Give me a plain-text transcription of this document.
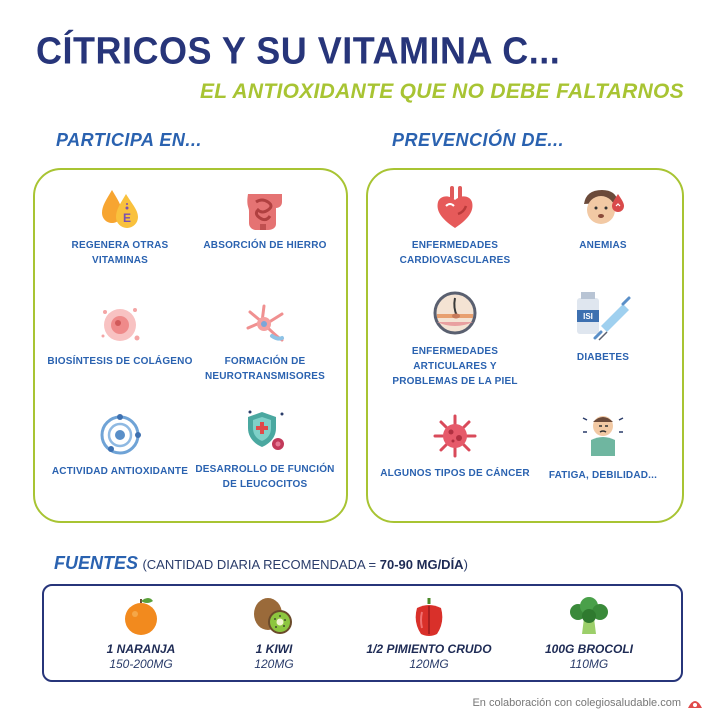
CÍTRICOS Y SU VITAMINA C...
EL ANTIOXIDANTE QUE NO DEBE FALTARNOS
PARTICIPA EN...	PREVENCIÓN DE...
E
REGENERA OTRAS VITAMINAS
ABSORCIÓN DE HIERRO
BIOSÍNTESIS DE COLÁGENO	FORMACIÓN DE NEUROTRANSMISORES
ACTIVIDAD ANTIOXIDANTE DESARROLLO DE FUNCIÓN DE LEUCOCITOS
ENFERMEDADES CARDIOVASCULARES
ANEMIAS
ENFERMEDADES ARTICULARES Y PROBLEMAS DE LA PIEL
ISI
DIABETES
ALGUNOS TIPOS DE CÁNCER	FATIGA, DEBILIDAD...
FUENTES (CANTIDAD DIARIA RECOMENDADA = 70-90 MG/DÍA)
1 NARANJA
150-200MG
1 KIWI
120MG
1/2 PIMIENTO CRUDO
120MG
100G BROCOLI
110MG
En colaboración con colegiosaludable.com
